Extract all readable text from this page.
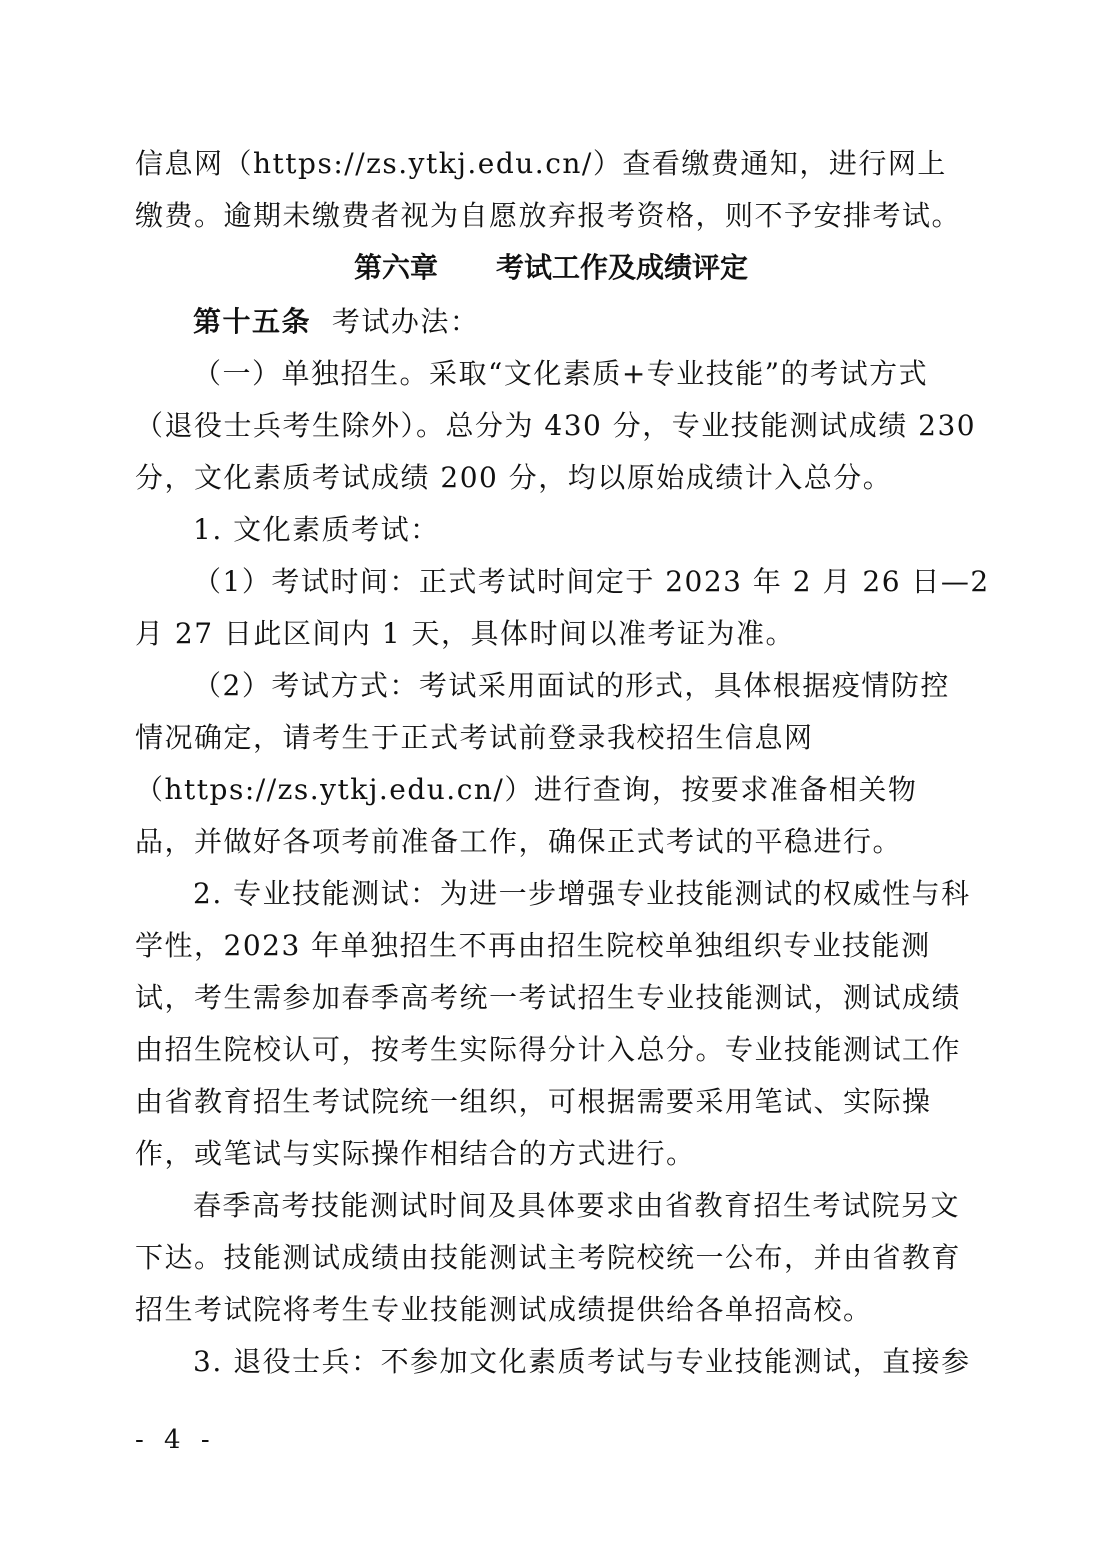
信息网（https://zs.ytkj.edu.cn/）查看缴费通知，进行网上
缴费。逾期未缴费者视为自愿放弃报考资格，则不予安排考试。
第六章 考试工作及成绩评定
第十五条 考试办法：
（一）单独招生。采取“文化素质+专业技能”的考试方式
（退役士兵考生除外）。总分为 430 分，专业技能测试成绩 230
分，文化素质考试成绩 200 分，均以原始成绩计入总分。
1. 文化素质考试：
（1）考试时间：正式考试时间定于 2023 年 2 月 26 日—2
月 27 日此区间内 1 天，具体时间以准考证为准。
（2）考试方式：考试采用面试的形式，具体根据疫情防控
情况确定，请考生于正式考试前登录我校招生信息网
（https://zs.ytkj.edu.cn/）进行查询，按要求准备相关物
品，并做好各项考前准备工作，确保正式考试的平稳进行。
2. 专业技能测试：为进一步增强专业技能测试的权威性与科
学性，2023 年单独招生不再由招生院校单独组织专业技能测
试，考生需参加春季高考统一考试招生专业技能测试，测试成绩
由招生院校认可，按考生实际得分计入总分。专业技能测试工作
由省教育招生考试院统一组织，可根据需要采用笔试、实际操
作，或笔试与实际操作相结合的方式进行。
春季高考技能测试时间及具体要求由省教育招生考试院另文
下达。技能测试成绩由技能测试主考院校统一公布，并由省教育
招生考试院将考生专业技能测试成绩提供给各单招高校。
3. 退役士兵：不参加文化素质考试与专业技能测试，直接参
- 4 -
